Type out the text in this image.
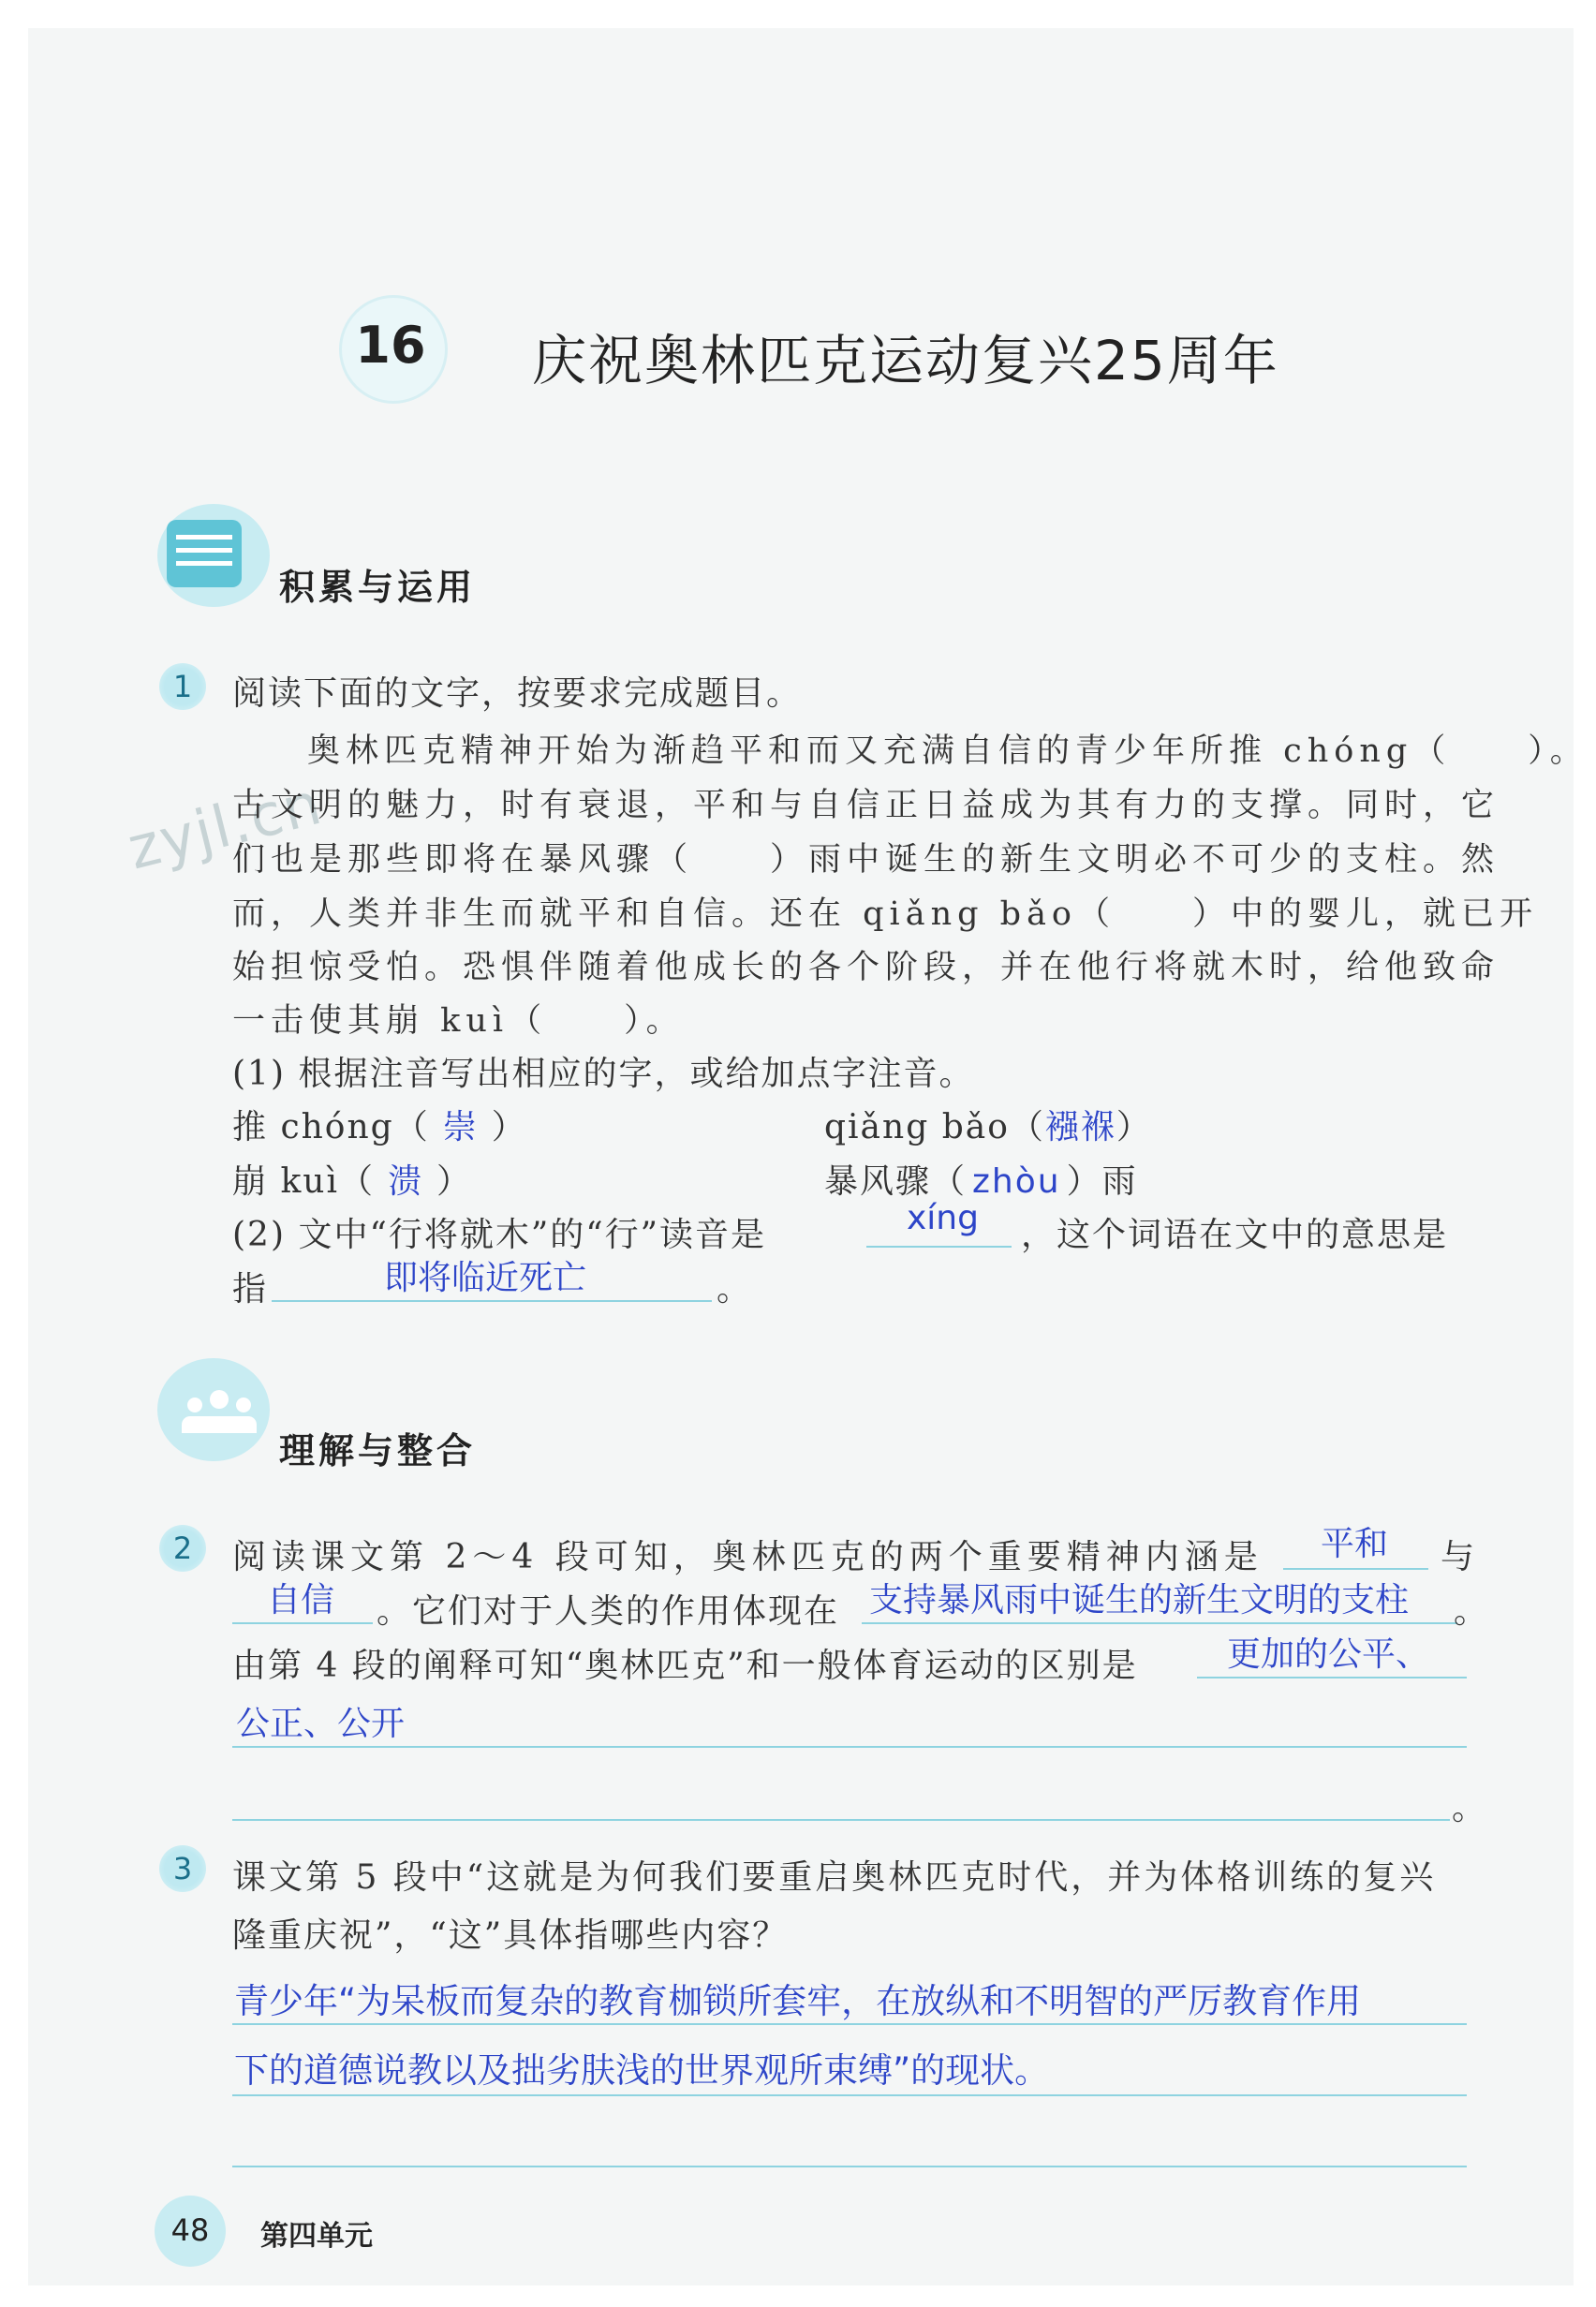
zyjl.cn
16	庆祝奥林匹克运动复兴25周年
积累与运用
1	阅读下面的文字，按要求完成题目。
奥林匹克精神开始为渐趋平和而又充满自信的青少年所推 chóng（　　）。
古文明的魅力，时有衰退，平和与自信正日益成为其有力的支撑。同时，它
们也是那些即将在暴风骤（　　）雨中诞生的新生文明必不可少的支柱。然
而，人类并非生而就平和自信。还在 qiǎng bǎo（　　）中的婴儿，就已开
始担惊受怕。恐惧伴随着他成长的各个阶段，并在他行将就木时，给他致命
一击使其崩 kuì（　　）。
(1) 根据注音写出相应的字，或给加点字注音。
推 chóng（ 崇 ）	qiǎng bǎo（襁褓）
崩 kuì（ 溃 ）	暴风骤（ zhòu ）雨
(2) 文中“行将就木”的“行”读音是	xíng ，这个词语在文中的意思是
指	即将临近死亡	。
理解与整合
2	阅读课文第 2～4 段可知，奥林匹克的两个重要精神内涵是 平和 与
自信 。它们对于人类的作用体现在 支持暴风雨中诞生的新生文明的支柱 。
由第 4 段的阐释可知“奥林匹克”和一般体育运动的区别是	更加的公平、
公正、公开
。
3	课文第 5 段中“这就是为何我们要重启奥林匹克时代，并为体格训练的复兴
隆重庆祝”，“这”具体指哪些内容？
青少年“为呆板而复杂的教育枷锁所套牢，在放纵和不明智的严厉教育作用
下的道德说教以及拙劣肤浅的世界观所束缚”的现状。
48	第四单元
